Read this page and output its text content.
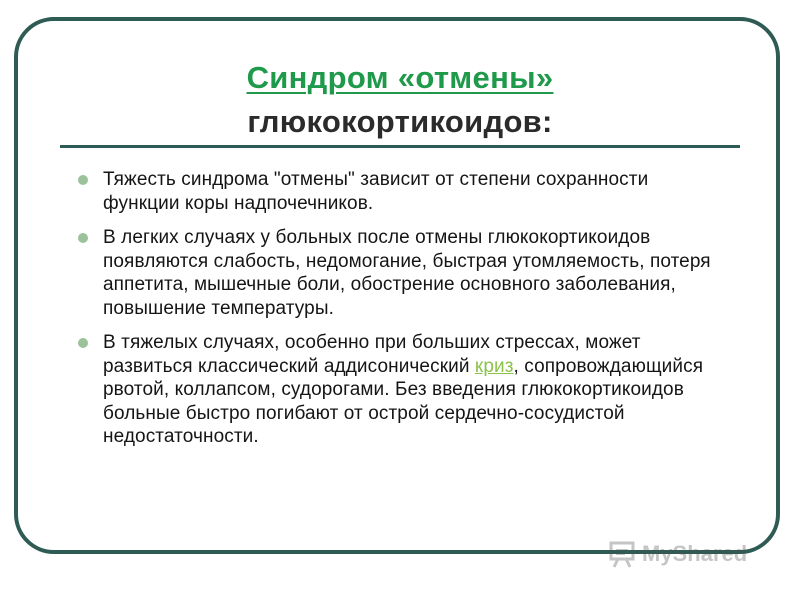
Синдром «отмены»
глюкокортикоидов:
Тяжесть синдрома "отмены" зависит от степени сохранности функции коры надпочечников.
В легких случаях у больных после отмены глюкокортикоидов появляются слабость, недомогание, быстрая утомляемость, потеря аппетита, мышечные боли, обострение основного заболевания, повышение температуры.
В тяжелых случаях, особенно при больших стрессах, может развиться классический аддисонический криз, сопровождающийся рвотой, коллапсом, судорогами. Без введения глюкокортикоидов больные быстро погибают от острой сердечно-сосудистой недостаточности.
MyShared
